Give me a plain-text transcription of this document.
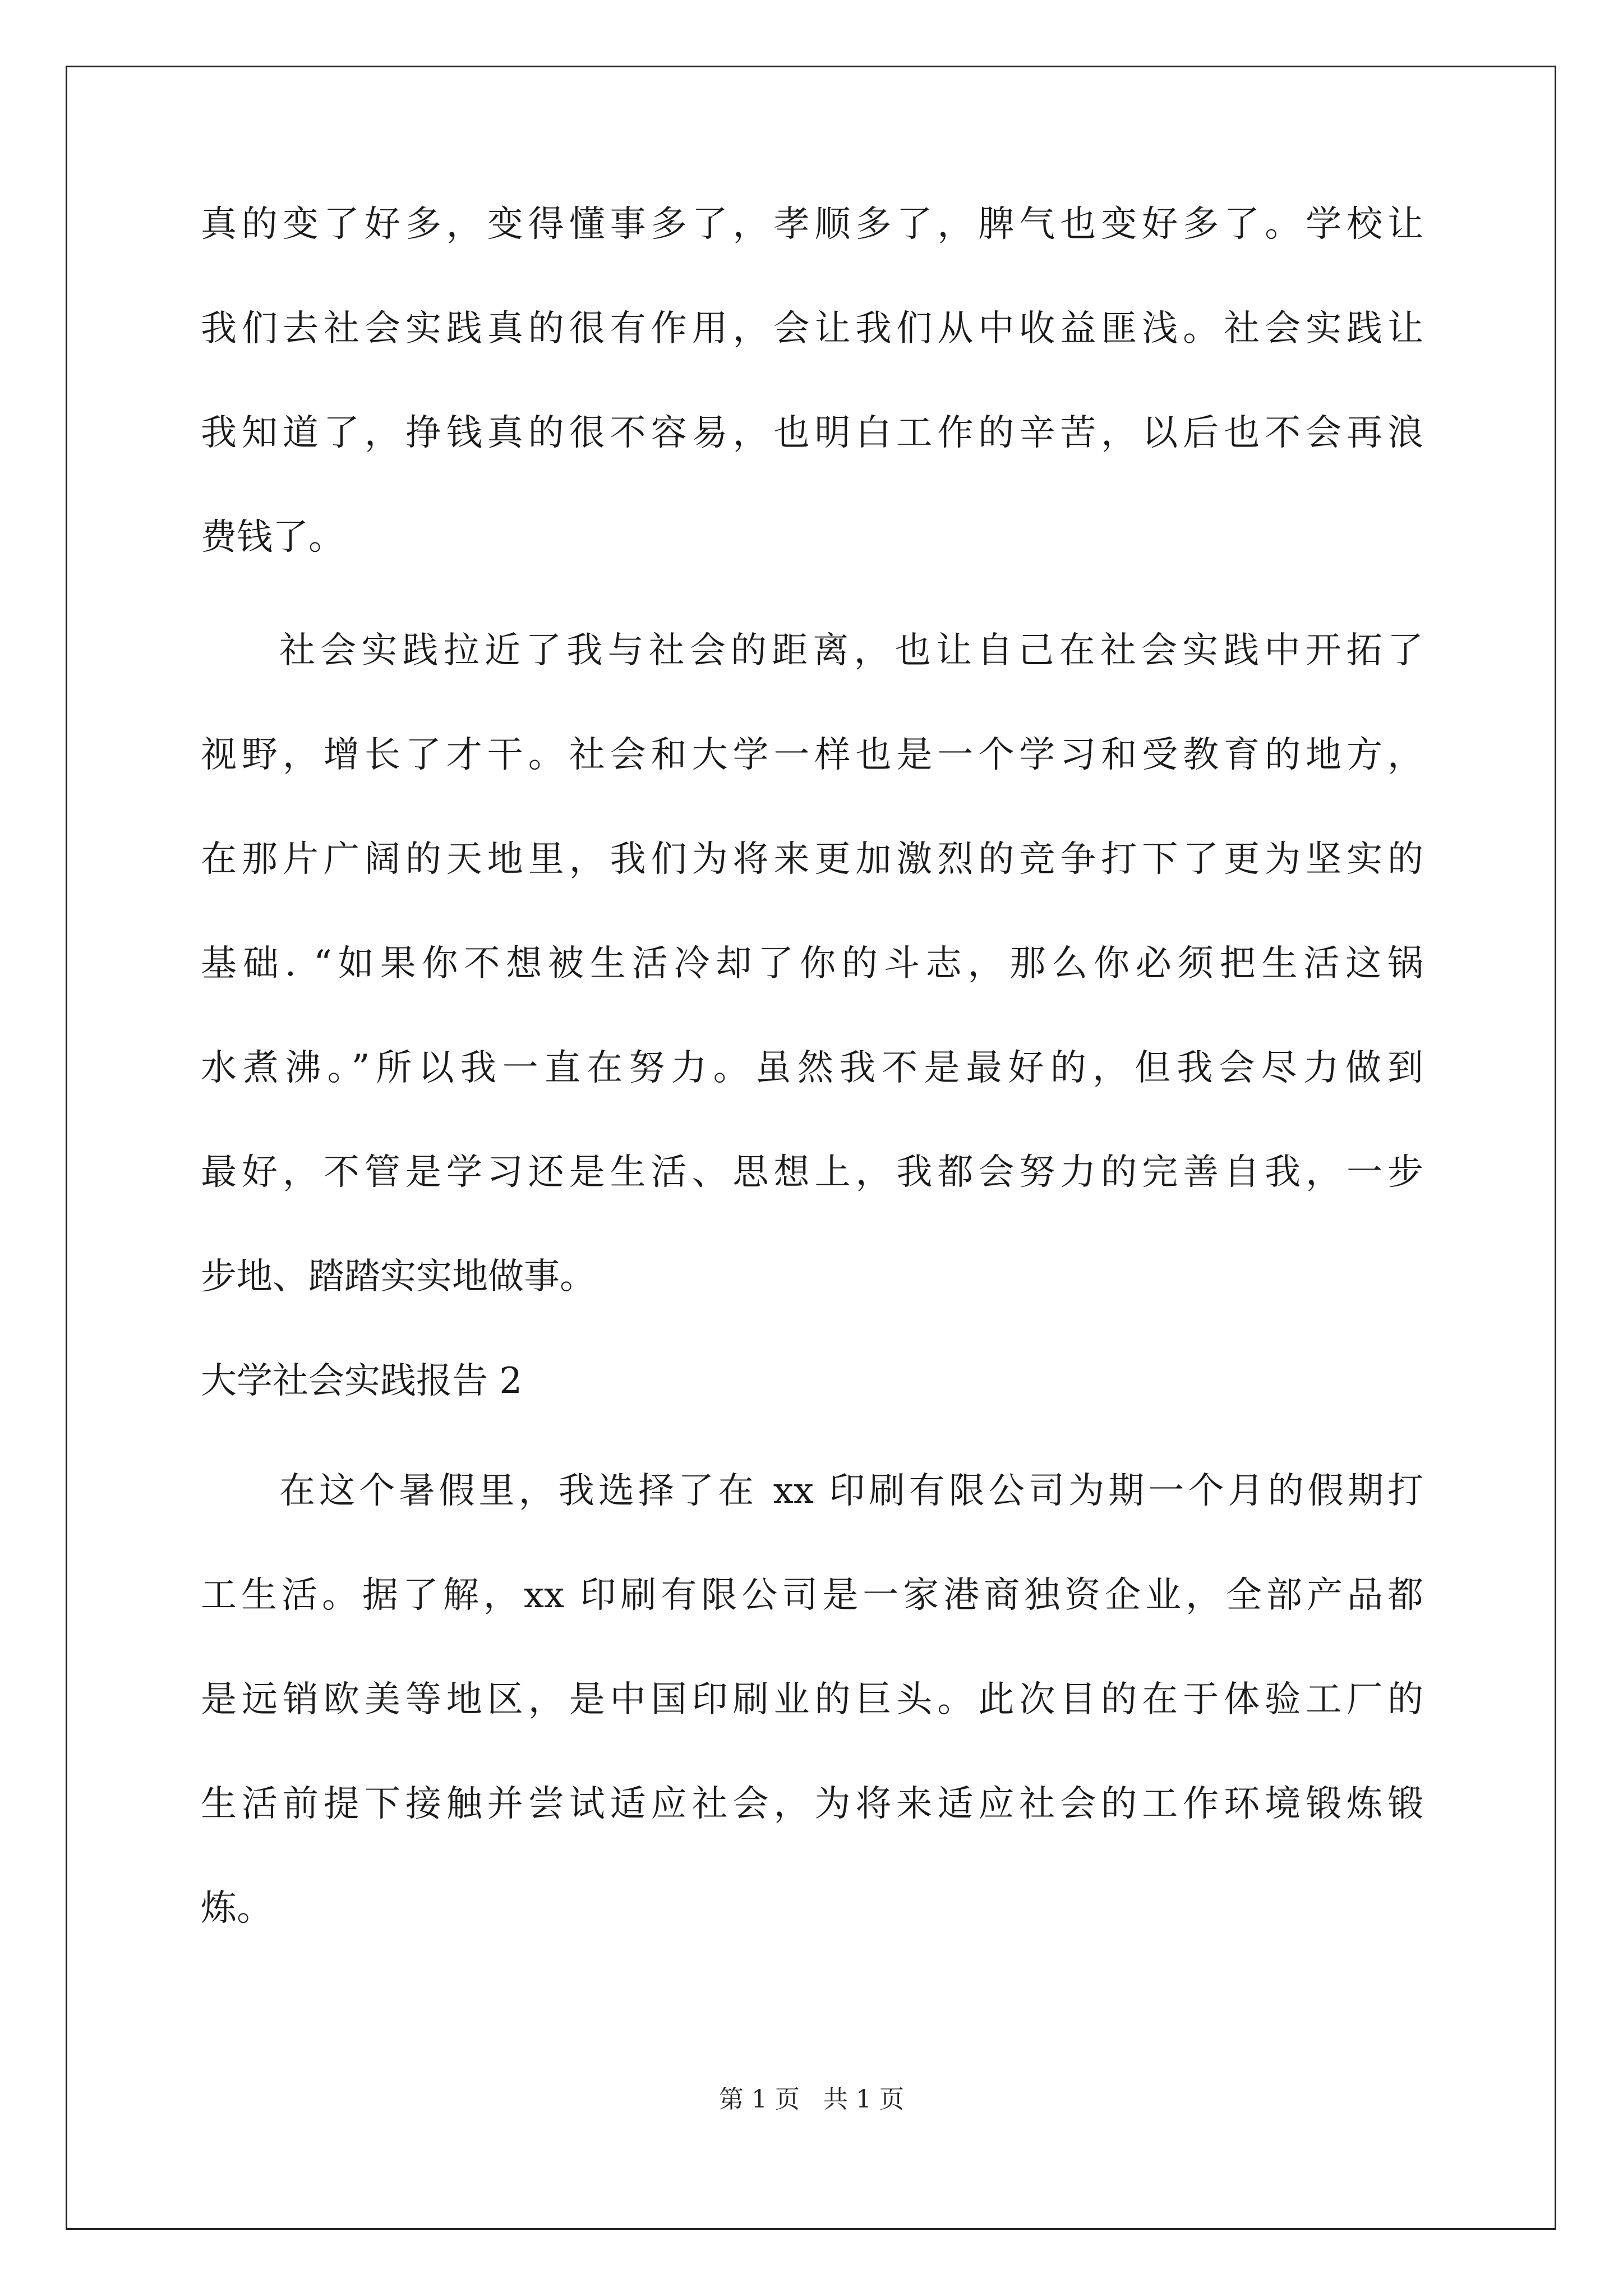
真的变了好多，变得懂事多了，孝顺多了，脾气也变好多了。学校让
我们去社会实践真的很有作用，会让我们从中收益匪浅。社会实践让
我知道了，挣钱真的很不容易，也明白工作的辛苦，以后也不会再浪
费钱了。
社会实践拉近了我与社会的距离，也让自己在社会实践中开拓了
视野，增长了才干。社会和大学一样也是一个学习和受教育的地方，
在那片广阔的天地里，我们为将来更加激烈的竞争打下了更为坚实的
基础. “如果你不想被生活冷却了你的斗志，那么你必须把生活这锅
水煮沸。”所以我一直在努力。虽然我不是最好的，但我会尽力做到
最好，不管是学习还是生活、思想上，我都会努力的完善自我，一步
步地、踏踏实实地做事。
大学社会实践报告 2
在这个暑假里，我选择了在 xx 印刷有限公司为期一个月的假期打
工生活。据了解，xx 印刷有限公司是一家港商独资企业，全部产品都
是远销欧美等地区，是中国印刷业的巨头。此次目的在于体验工厂的
生活前提下接触并尝试适应社会，为将来适应社会的工作环境锻炼锻
炼。
第 1 页   共 1 页
